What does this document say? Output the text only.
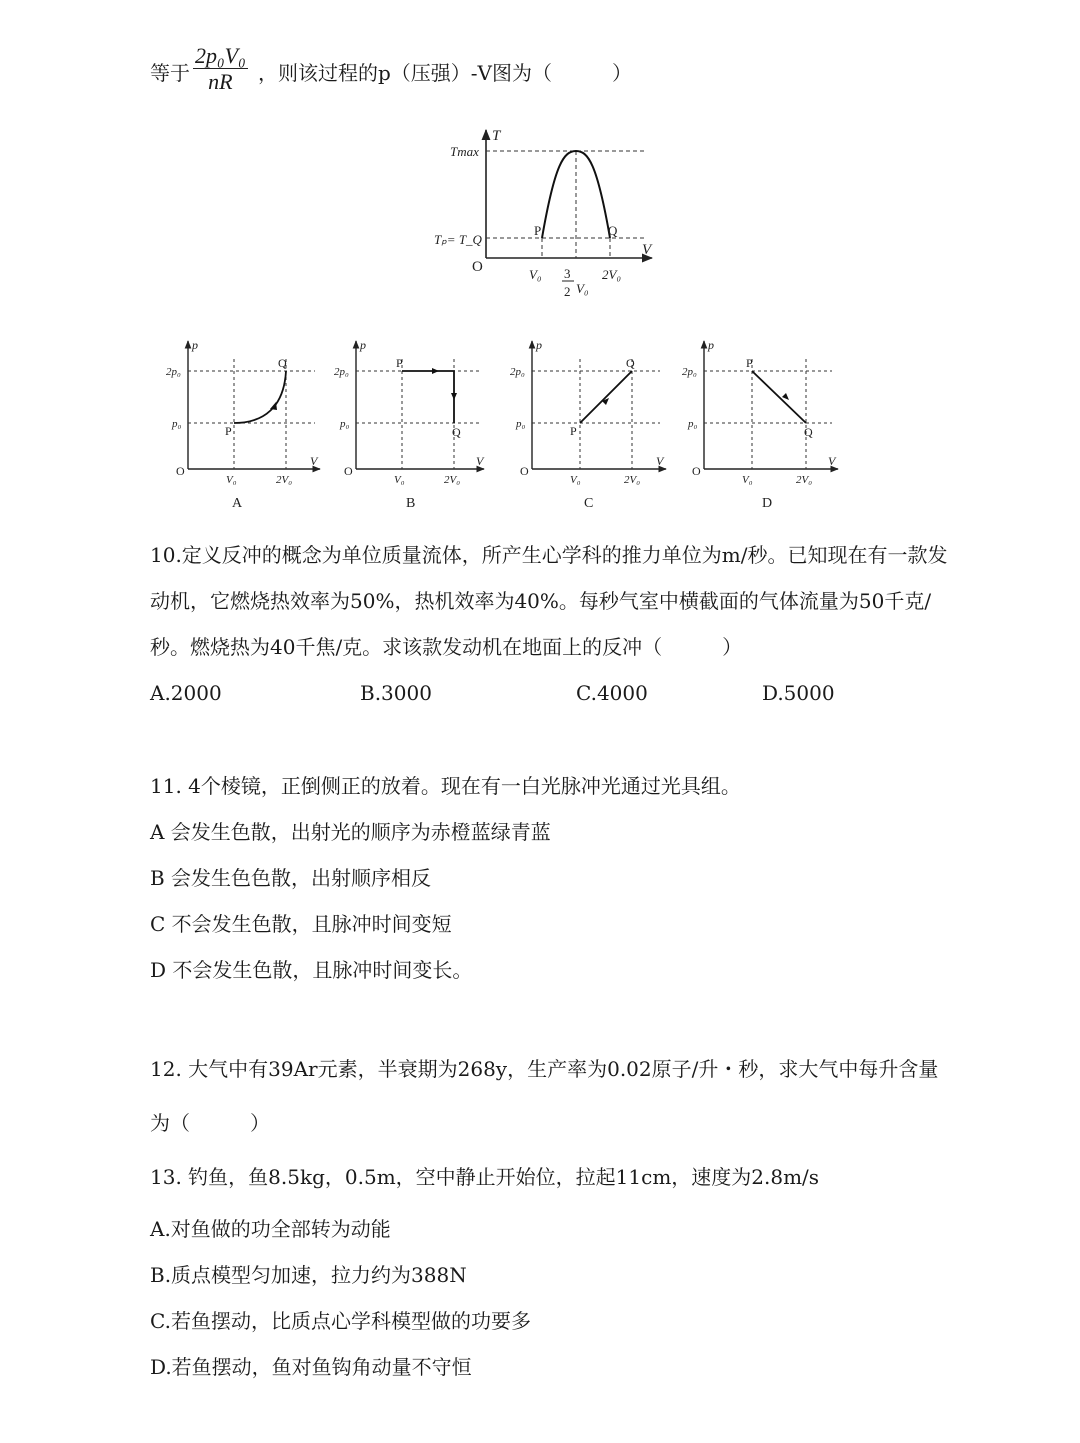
等于 $\frac{\text{2p₀V₀}}{nR}$ ，则该过程的p（压强）-V图为（　　　）
T
V
O
Tmax
Tₚ= T_Q
P	Q
V₀ 3
2 V₀
2V₀
p
V
O
2p₀
p₀
V₀	2V₀
P
Q
A
p
V
O
2p₀
p₀
V₀	2V₀
P
Q
B
p
V
O
2p₀
p₀
V₀	2V₀
P
Q
C
p
V
O
2p₀
p₀
V₀	2V₀
P
Q
D
10.定义反冲的概念为单位质量流体，所产生心学科的推力单位为m/秒。已知现在有一款发
动机，它燃烧热效率为50%，热机效率为40%。每秒气室中横截面的气体流量为50千克/
秒。燃烧热为40千焦/克。求该款发动机在地面上的反冲（　　　）
A.2000	B.3000	C.4000	D.5000
11. 4个棱镜，正倒侧正的放着。现在有一白光脉冲光通过光具组。
A 会发生色散，出射光的顺序为赤橙蓝绿青蓝
B 会发生色色散，出射顺序相反
C 不会发生色散，且脉冲时间变短
D 不会发生色散，且脉冲时间变长。
12. 大气中有39Ar元素，半衰期为268y，生产率为0.02原子/升・秒，求大气中每升含量
为（　　　）
13. 钓鱼，鱼8.5kg，0.5m，空中静止开始位，拉起11cm，速度为2.8m/s
A.对鱼做的功全部转为动能
B.质点模型匀加速，拉力约为388N
C.若鱼摆动，比质点心学科模型做的功要多
D.若鱼摆动，鱼对鱼钩角动量不守恒
